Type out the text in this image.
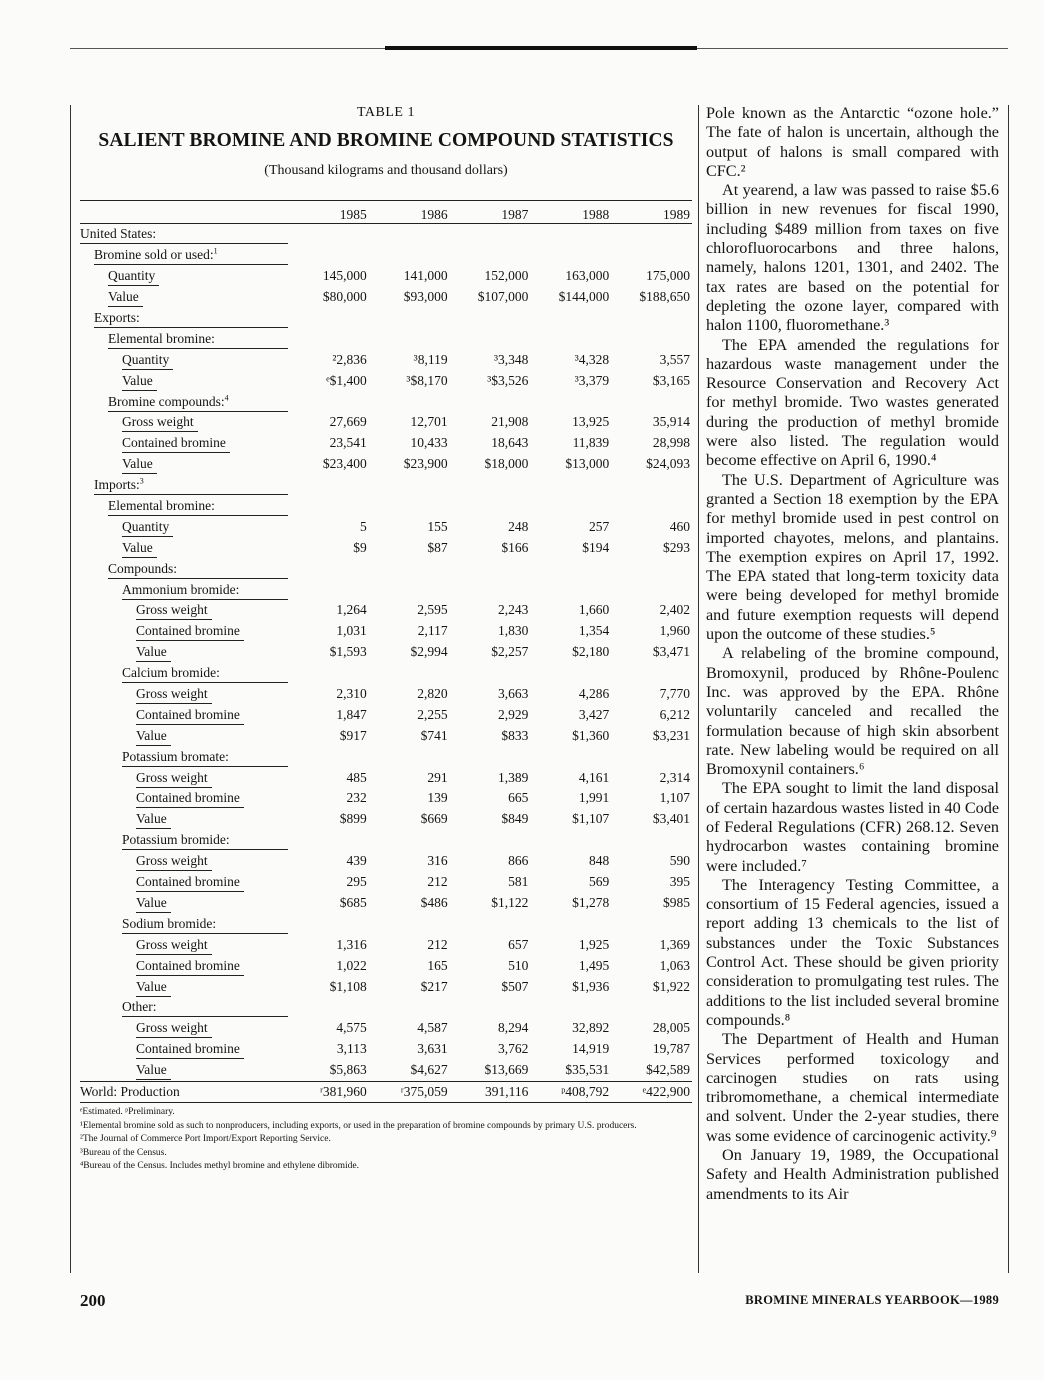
TABLE 1

SALIENT BROMINE AND BROMINE COMPOUND STATISTICS

(Thousand kilograms and thousand dollars)

	1985	1986	1987	1988	1989
United States:					
Bromine sold or used:$^1$					
Quantity	145,000	141,000	152,000	163,000	175,000
Value	$80,000	$93,000	$107,000	$144,000	$188,650
Exports:					
Elemental bromine:					
Quantity	²2,836	³8,119	³3,348	³4,328	3,557
Value	ᵉ$1,400	³$8,170	³$3,526	³3,379	$3,165
Bromine compounds:$^4$					
Gross weight	27,669	12,701	21,908	13,925	35,914
Contained bromine	23,541	10,433	18,643	11,839	28,998
Value	$23,400	$23,900	$18,000	$13,000	$24,093
Imports:$^3$					
Elemental bromine:					
Quantity	5	155	248	257	460
Value	$9	$87	$166	$194	$293
Compounds:					
Ammonium bromide:					
Gross weight	1,264	2,595	2,243	1,660	2,402
Contained bromine	1,031	2,117	1,830	1,354	1,960
Value	$1,593	$2,994	$2,257	$2,180	$3,471
Calcium bromide:					
Gross weight	2,310	2,820	3,663	4,286	7,770
Contained bromine	1,847	2,255	2,929	3,427	6,212
Value	$917	$741	$833	$1,360	$3,231
Potassium bromate:					
Gross weight	485	291	1,389	4,161	2,314
Contained bromine	232	139	665	1,991	1,107
Value	$899	$669	$849	$1,107	$3,401
Potassium bromide:					
Gross weight	439	316	866	848	590
Contained bromine	295	212	581	569	395
Value	$685	$486	$1,122	$1,278	$985
Sodium bromide:					
Gross weight	1,316	212	657	1,925	1,369
Contained bromine	1,022	165	510	1,495	1,063
Value	$1,108	$217	$507	$1,936	$1,922
Other:					
Gross weight	4,575	4,587	8,294	32,892	28,005
Contained bromine	3,113	3,631	3,762	14,919	19,787
Value	$5,863	$4,627	$13,669	$35,531	$42,589
World: Production	ʳ381,960	ʳ375,059	391,116	ᵖ408,792	ᵉ422,900

ᵉEstimated. ᵖPreliminary.

¹Elemental bromine sold as such to nonproducers, including exports, or used in the preparation of bromine compounds by primary U.S. producers.

²The Journal of Commerce Port Import/Export Reporting Service.

³Bureau of the Census.

⁴Bureau of the Census. Includes methyl bromine and ethylene dibromide.

Pole known as the Antarctic “ozone hole.” The fate of halon is uncertain, although the output of halons is small compared with CFC.²

At yearend, a law was passed to raise $5.6 billion in new revenues for fiscal 1990, including $489 million from taxes on five chlorofluorocarbons and three halons, namely, halons 1201, 1301, and 2402. The tax rates are based on the potential for depleting the ozone layer, compared with halon 1100, fluoromethane.³

The EPA amended the regulations for hazardous waste management under the Resource Conservation and Recovery Act for methyl bromide. Two wastes generated during the production of methyl bromide were also listed. The regulation would become effective on April 6, 1990.⁴

The U.S. Department of Agriculture was granted a Section 18 exemption by the EPA for methyl bromide used in pest control on imported chayotes, melons, and plantains. The exemption expires on April 17, 1992. The EPA stated that long-term toxicity data were being developed for methyl bromide and future exemption requests will depend upon the outcome of these studies.⁵

A relabeling of the bromine compound, Bromoxynil, produced by Rhône-Poulenc Inc. was approved by the EPA. Rhône voluntarily canceled and recalled the formulation because of high skin absorbent rate. New labeling would be required on all Bromoxynil containers.⁶

The EPA sought to limit the land disposal of certain hazardous wastes listed in 40 Code of Federal Regulations (CFR) 268.12. Seven hydrocarbon wastes containing bromine were included.⁷

The Interagency Testing Committee, a consortium of 15 Federal agencies, issued a report adding 13 chemicals to the list of substances under the Toxic Substances Control Act. These should be given priority consideration to promulgating test rules. The additions to the list included several bromine compounds.⁸

The Department of Health and Human Services performed toxicology and carcinogen studies on rats using tribromomethane, a chemical intermediate and solvent. Under the 2-year studies, there was some evidence of carcinogenic activity.⁹

On January 19, 1989, the Occupational Safety and Health Administration published amendments to its Air

200	BROMINE MINERALS YEARBOOK—1989
